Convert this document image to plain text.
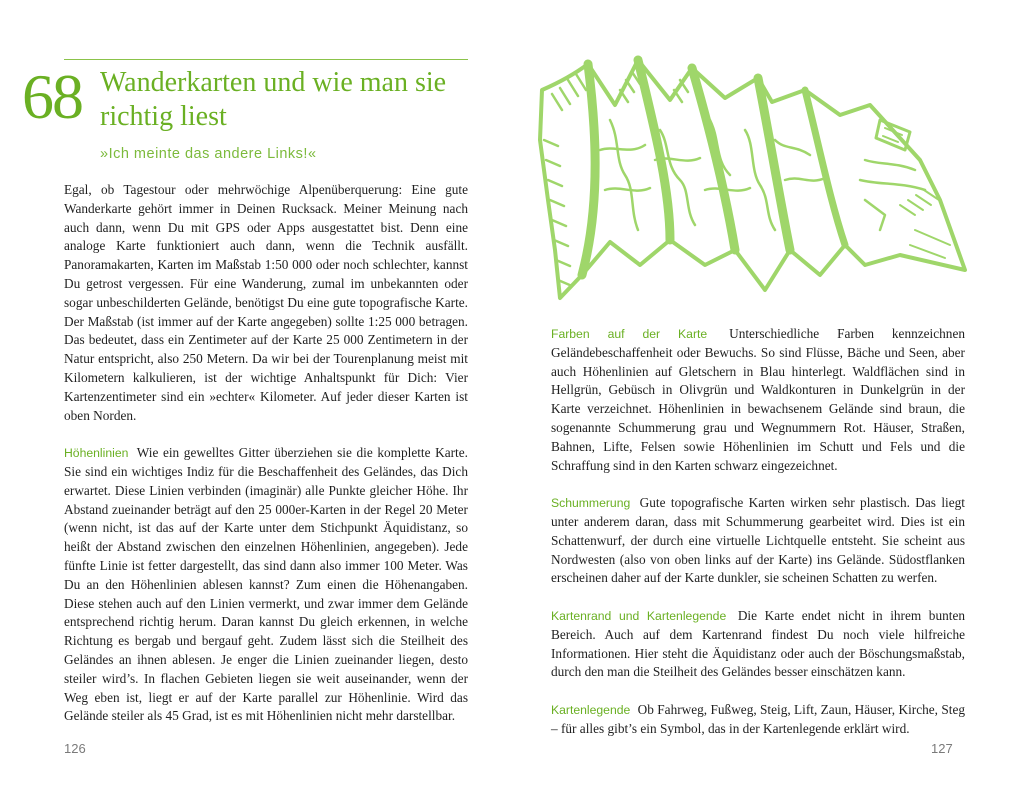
68 Wanderkarten und wie man sie
richtig liest
»Ich meinte das andere Links!«

Egal, ob Tagestour oder mehrwöchige Alpenüberquerung: Eine gute Wanderkarte gehört immer in Deinen Rucksack. Meiner Meinung nach auch dann, wenn Du mit GPS oder Apps ausgestattet bist. Denn eine analoge Karte funktioniert auch dann, wenn die Technik ausfällt. Panoramakarten, Karten im Maßstab 1:50 000 oder noch schlechter, kannst Du getrost vergessen. Für eine Wanderung, zumal im unbekannten oder sogar unbeschilderten Gelände, benötigst Du eine gute topografische Karte. Der Maßstab (ist immer auf der Karte angegeben) sollte 1:25 000 betragen. Das bedeutet, dass ein Zentimeter auf der Karte 25 000 Zentimetern in der Natur entspricht, also 250 Metern. Da wir bei der Tourenplanung meist mit Kilometern kalkulieren, ist der wichtige Anhaltspunkt für Dich: Vier Kartenzentimeter sind ein »echter« Kilometer. Auf jeder dieser Karten ist oben Norden.

Höhenlinien Wie ein gewelltes Gitter überziehen sie die komplette Karte. Sie sind ein wichtiges Indiz für die Beschaffenheit des Geländes, das Dich erwartet. Diese Linien verbinden (imaginär) alle Punkte gleicher Höhe. Ihr Abstand zueinander beträgt auf den 25 000er-Karten in der Regel 20 Meter (wenn nicht, ist das auf der Karte unter dem Stichpunkt Äquidistanz, so heißt der Abstand zwischen den einzelnen Höhenlinien, angegeben). Jede fünfte Linie ist fetter dargestellt, das sind dann also immer 100 Meter. Was Du an den Höhenlinien ablesen kannst? Zum einen die Höhenangaben. Diese stehen auch auf den Linien vermerkt, und zwar immer dem Gelände entsprechend richtig herum. Daran kannst Du gleich erkennen, in welche Richtung es bergab und bergauf geht. Zudem lässt sich die Steilheit des Geländes an ihnen ablesen. Je enger die Linien zueinander liegen, desto steiler wird’s. In flachen Gebieten liegen sie weit auseinander, wenn der Weg eben ist, liegt er auf der Karte parallel zur Höhenlinie. Wird das Gelände steiler als 45 Grad, ist es mit Höhenlinien nicht mehr darstellbar.

126

Farben auf der Karte Unterschiedliche Farben kennzeichnen Geländebeschaffenheit oder Bewuchs. So sind Flüsse, Bäche und Seen, aber auch Höhenlinien auf Gletschern in Blau hinterlegt. Waldflächen sind in Hellgrün, Gebüsch in Olivgrün und Waldkonturen in Dunkelgrün in der Karte verzeichnet. Höhenlinien in bewachsenem Gelände sind braun, die sogenannte Schummerung grau und Wegnummern Rot. Häuser, Straßen, Bahnen, Lifte, Felsen sowie Höhenlinien im Schutt und Fels und die Schraffung sind in den Karten schwarz eingezeichnet.

Schummerung Gute topografische Karten wirken sehr plastisch. Das liegt unter anderem daran, dass mit Schummerung gearbeitet wird. Dies ist ein Schattenwurf, der durch eine virtuelle Lichtquelle entsteht. Sie scheint aus Nordwesten (also von oben links auf der Karte) ins Gelände. Südostflanken erscheinen daher auf der Karte dunkler, sie scheinen Schatten zu werfen.

Kartenrand und Kartenlegende Die Karte endet nicht in ihrem bunten Bereich. Auch auf dem Kartenrand findest Du noch viele hilfreiche Informationen. Hier steht die Äquidistanz oder auch der Böschungsmaßstab, durch den man die Steilheit des Geländes besser einschätzen kann.

Kartenlegende Ob Fahrweg, Fußweg, Steig, Lift, Zaun, Häuser, Kirche, Steg – für alles gibt’s ein Symbol, das in der Kartenlegende erklärt wird.

127
